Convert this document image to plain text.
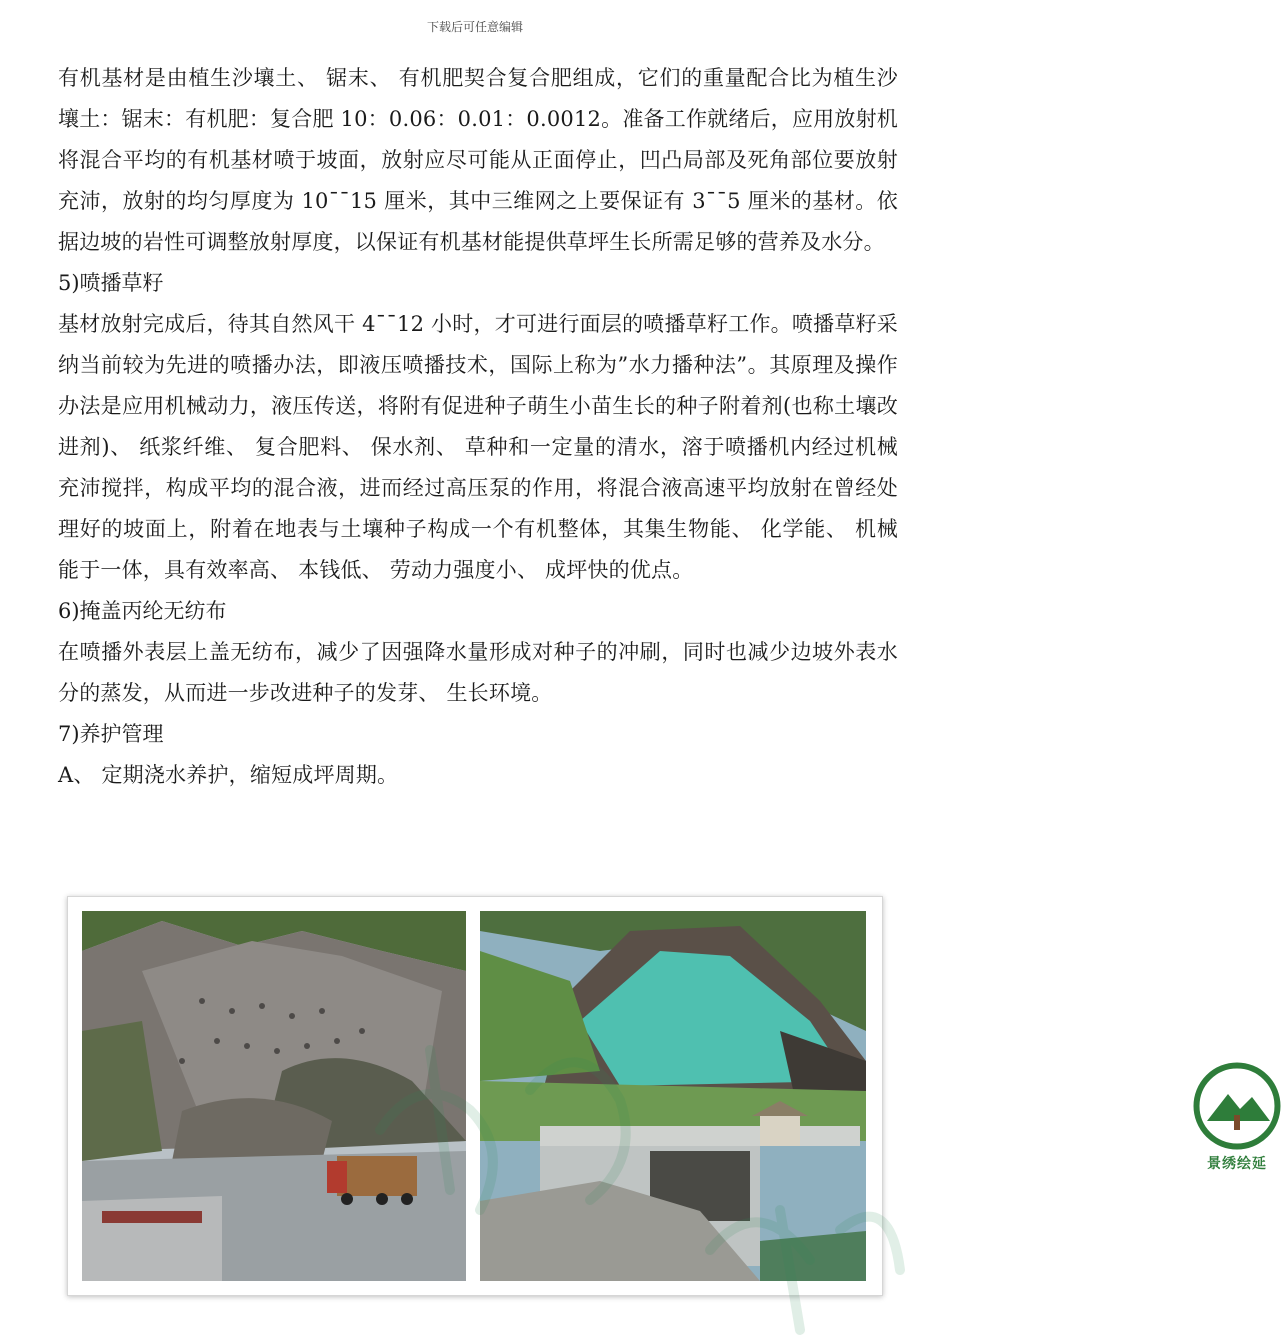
下载后可任意编辑

有机基材是由植生沙壤土、 锯末、 有机肥契合复合肥组成，它们的重量配合比为植生沙壤土：锯末：有机肥：复合肥 10：0.06：0.01：0.0012。准备工作就绪后，应用放射机将混合平均的有机基材喷于坡面，放射应尽可能从正面停止，凹凸局部及死角部位要放射充沛，放射的均匀厚度为 10¯¯15 厘米，其中三维网之上要保证有 3¯¯5 厘米的基材。依据边坡的岩性可调整放射厚度，以保证有机基材能提供草坪生长所需足够的营养及水分。

5)喷播草籽

基材放射完成后，待其自然风干 4¯¯12 小时，才可进行面层的喷播草籽工作。喷播草籽采纳当前较为先进的喷播办法，即液压喷播技术，国际上称为”水力播种法”。其原理及操作办法是应用机械动力，液压传送，将附有促进种子萌生小苗生长的种子附着剂(也称土壤改进剂)、 纸浆纤维、 复合肥料、 保水剂、 草种和一定量的清水，溶于喷播机内经过机械充沛搅拌，构成平均的混合液，进而经过高压泵的作用，将混合液高速平均放射在曾经处理好的坡面上，附着在地表与土壤种子构成一个有机整体，其集生物能、 化学能、 机械能于一体，具有效率高、 本钱低、 劳动力强度小、 成坪快的优点。

6)掩盖丙纶无纺布

在喷播外表层上盖无纺布，减少了因强降水量形成对种子的冲刷，同时也减少边坡外表水分的蒸发，从而进一步改进种子的发芽、 生长环境。

7)养护管理

A、 定期浇水养护，缩短成坪周期。

景绣绘延
